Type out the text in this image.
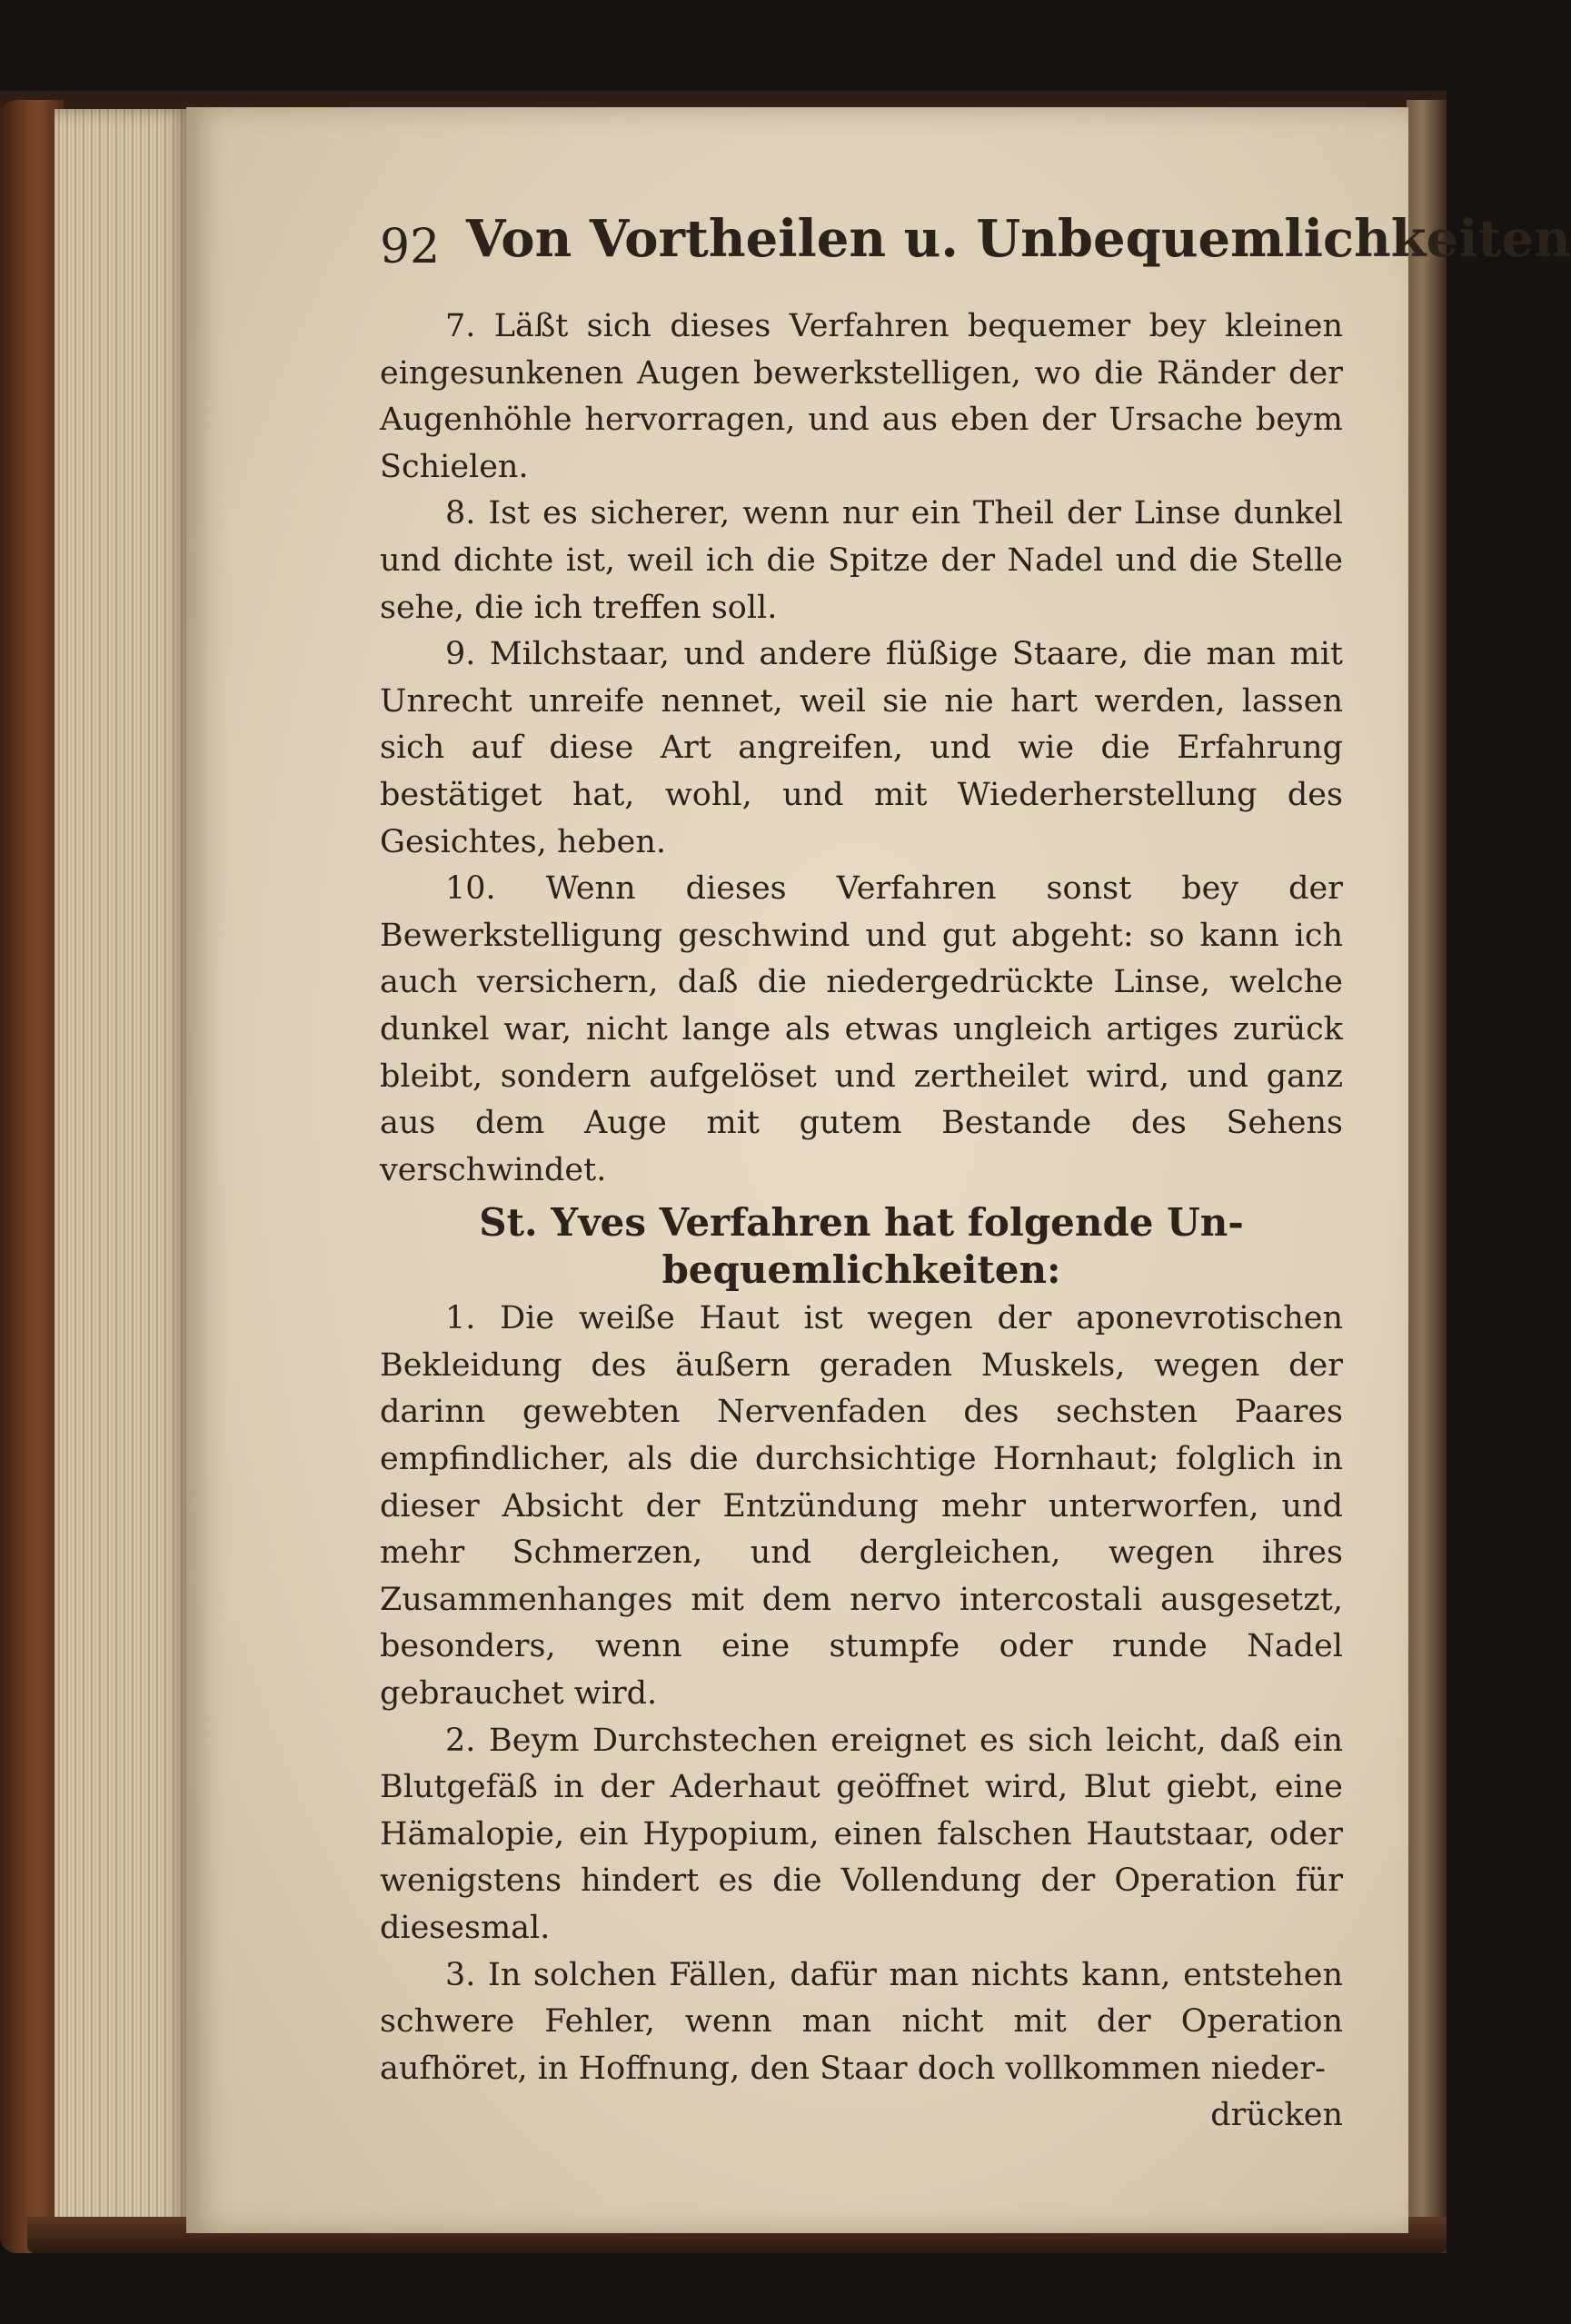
92 Von Vortheilen u. Unbequemlichkeiten

7. Läßt sich dieses Verfahren bequemer bey kleinen eingesunkenen Augen bewerkstelligen, wo die Ränder der Augenhöhle hervorragen, und aus eben der Ursache beym Schielen.

8. Ist es sicherer, wenn nur ein Theil der Linse dunkel und dichte ist, weil ich die Spitze der Nadel und die Stelle sehe, die ich treffen soll.

9. Milchstaar, und andere flüßige Staare, die man mit Unrecht unreife nennet, weil sie nie hart werden, lassen sich auf diese Art angreifen, und wie die Erfahrung bestätiget hat, wohl, und mit Wiederherstellung des Gesichtes, heben.

10. Wenn dieses Verfahren sonst bey der Bewerkstelligung geschwind und gut abgeht: so kann ich auch versichern, daß die niedergedrückte Linse, welche dunkel war, nicht lange als etwas ungleich artiges zurück bleibt, sondern aufgelöset und zertheilet wird, und ganz aus dem Auge mit gutem Bestande des Sehens verschwindet.

St. Yves Verfahren hat folgende Un-
bequemlichkeiten:

1. Die weiße Haut ist wegen der aponevrotischen Bekleidung des äußern geraden Muskels, wegen der darinn gewebten Nervenfaden des sechsten Paares empfindlicher, als die durchsichtige Hornhaut; folglich in dieser Absicht der Entzündung mehr unterworfen, und mehr Schmerzen, und dergleichen, wegen ihres Zusammenhanges mit dem nervo intercostali ausgesetzt, besonders, wenn eine stumpfe oder runde Nadel gebrauchet wird.

2. Beym Durchstechen ereignet es sich leicht, daß ein Blutgefäß in der Aderhaut geöffnet wird, Blut giebt, eine Hämalopie, ein Hypopium, einen falschen Hautstaar, oder wenigstens hindert es die Vollendung der Operation für diesesmal.

3. In solchen Fällen, dafür man nichts kann, entstehen schwere Fehler, wenn man nicht mit der Operation aufhöret, in Hoffnung, den Staar doch vollkommen nieder-

drücken
